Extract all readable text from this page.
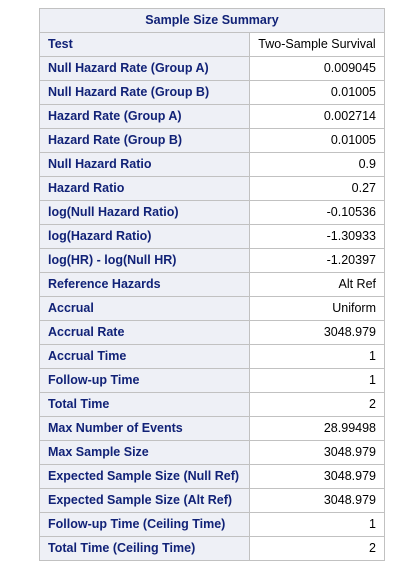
Sample Size Summary	
Test	Two-Sample Survival
Null Hazard Rate (Group A)	0.009045
Null Hazard Rate (Group B)	0.01005
Hazard Rate (Group A)	0.002714
Hazard Rate (Group B)	0.01005
Null Hazard Ratio	0.9
Hazard Ratio	0.27
log(Null Hazard Ratio)	-0.10536
log(Hazard Ratio)	-1.30933
log(HR) - log(Null HR)	-1.20397
Reference Hazards	Alt Ref
Accrual	Uniform
Accrual Rate	3048.979
Accrual Time	1
Follow-up Time	1
Total Time	2
Max Number of Events	28.99498
Max Sample Size	3048.979
Expected Sample Size (Null Ref)	3048.979
Expected Sample Size (Alt Ref)	3048.979
Follow-up Time (Ceiling Time)	1
Total Time (Ceiling Time)	2
